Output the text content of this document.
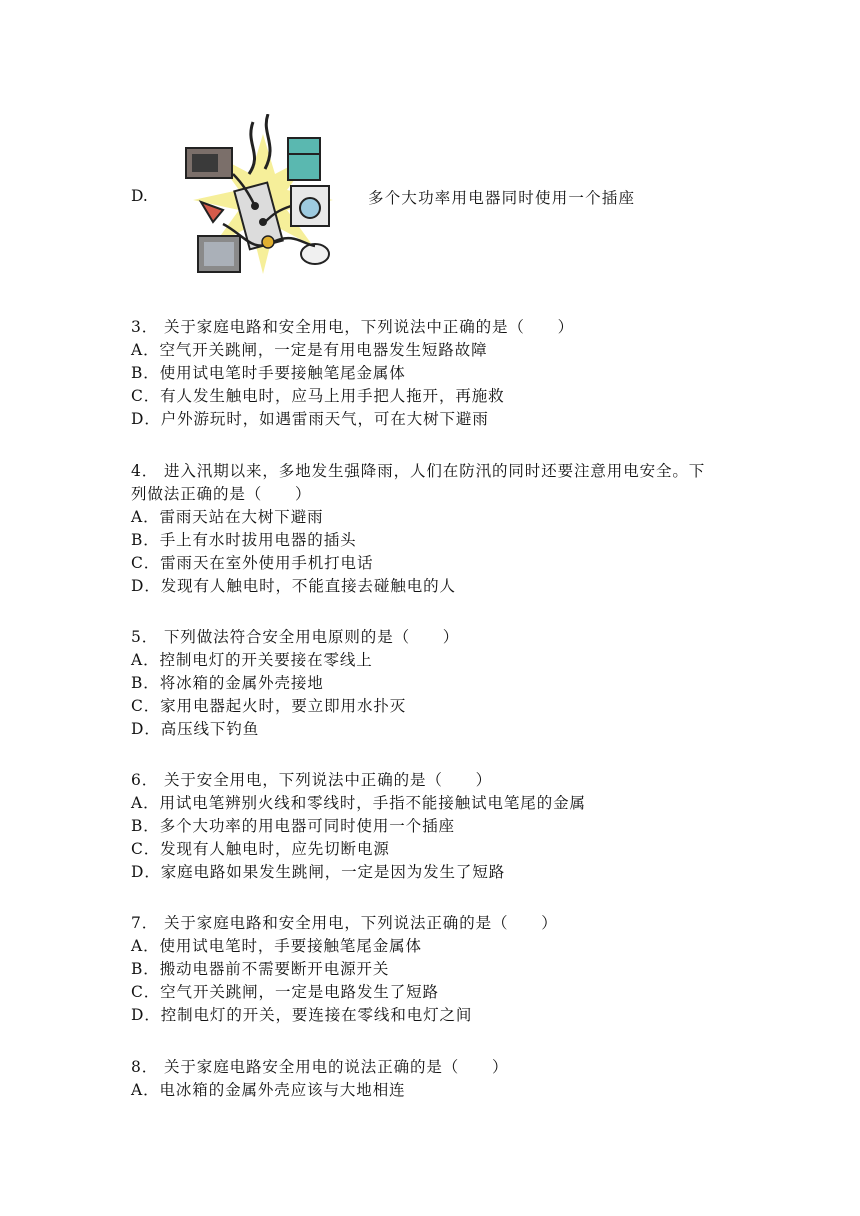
D.	多个大功率用电器同时使用一个插座
3． 关于家庭电路和安全用电，下列说法中正确的是（　　）
A．空气开关跳闸，一定是有用电器发生短路故障
B．使用试电笔时手要接触笔尾金属体
C．有人发生触电时，应马上用手把人拖开，再施救
D．户外游玩时，如遇雷雨天气，可在大树下避雨
4． 进入汛期以来，多地发生强降雨，人们在防汛的同时还要注意用电安全。下
列做法正确的是（　　）
A．雷雨天站在大树下避雨
B．手上有水时拔用电器的插头
C．雷雨天在室外使用手机打电话
D．发现有人触电时，不能直接去碰触电的人
5． 下列做法符合安全用电原则的是（　　）
A．控制电灯的开关要接在零线上
B．将冰箱的金属外壳接地
C．家用电器起火时，要立即用水扑灭
D．高压线下钓鱼
6． 关于安全用电，下列说法中正确的是（　　）
A．用试电笔辨别火线和零线时，手指不能接触试电笔尾的金属
B．多个大功率的用电器可同时使用一个插座
C．发现有人触电时，应先切断电源
D．家庭电路如果发生跳闸，一定是因为发生了短路
7． 关于家庭电路和安全用电，下列说法正确的是（　　）
A．使用试电笔时，手要接触笔尾金属体
B．搬动电器前不需要断开电源开关
C．空气开关跳闸，一定是电路发生了短路
D．控制电灯的开关，要连接在零线和电灯之间
8． 关于家庭电路安全用电的说法正确的是（　　）
A．电冰箱的金属外壳应该与大地相连
